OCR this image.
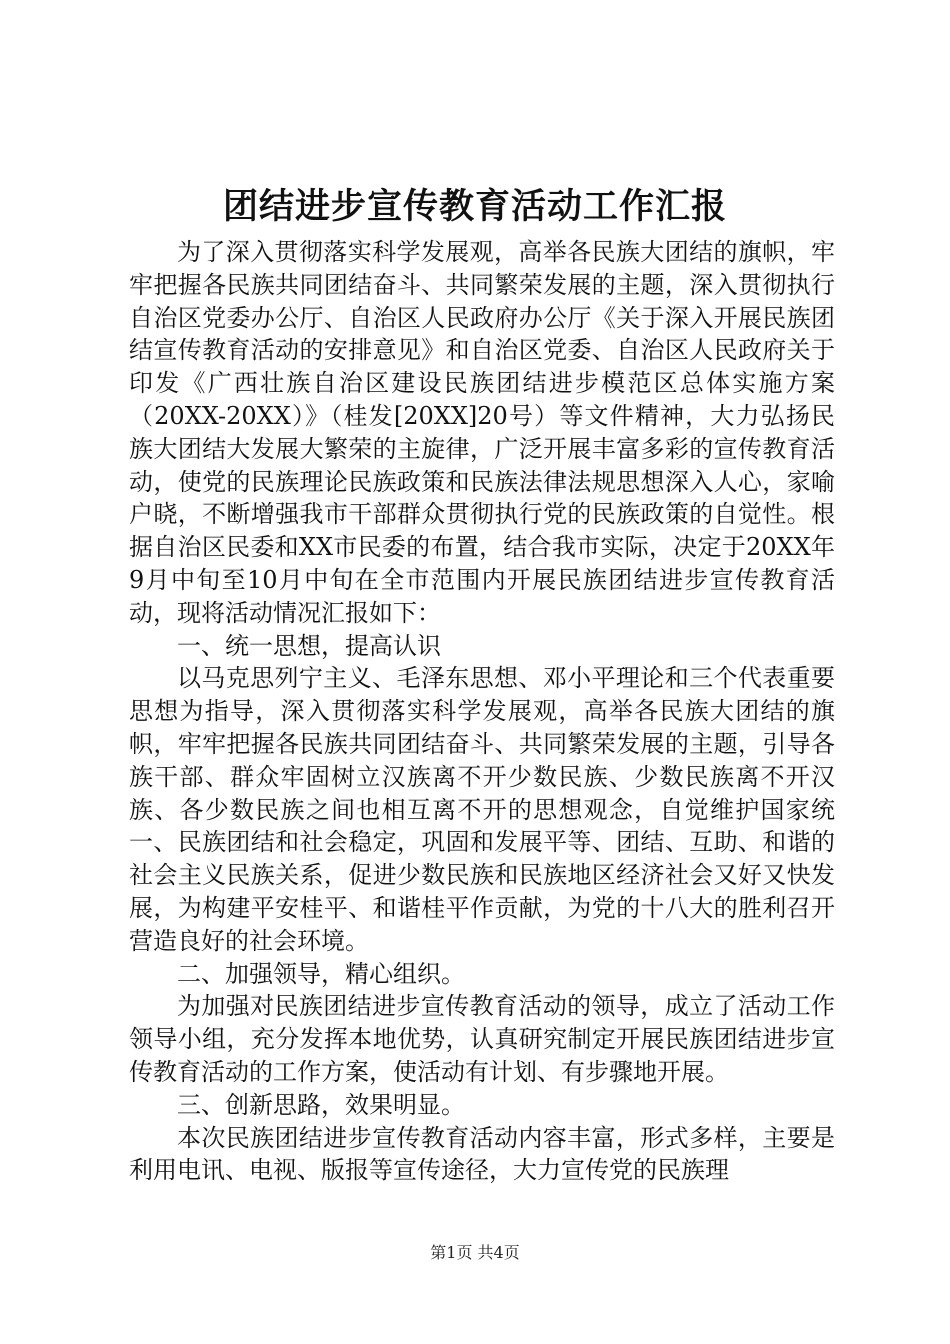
团结进步宣传教育活动工作汇报

为了深入贯彻落实科学发展观，高举各民族大团结的旗帜，牢牢把握各民族共同团结奋斗、共同繁荣发展的主题，深入贯彻执行自治区党委办公厅、自治区人民政府办公厅《关于深入开展民族团结宣传教育活动的安排意见》和自治区党委、自治区人民政府关于印发《广西壮族自治区建设民族团结进步模范区总体实施方案（20XX-20XX）》（桂发[20XX]20号）等文件精神，大力弘扬民族大团结大发展大繁荣的主旋律，广泛开展丰富多彩的宣传教育活动，使党的民族理论民族政策和民族法律法规思想深入人心，家喻户晓，不断增强我市干部群众贯彻执行党的民族政策的自觉性。根据自治区民委和XX市民委的布置，结合我市实际，决定于20XX年9月中旬至10月中旬在全市范围内开展民族团结进步宣传教育活动，现将活动情况汇报如下：

一、统一思想，提高认识

以马克思列宁主义、毛泽东思想、邓小平理论和三个代表重要思想为指导，深入贯彻落实科学发展观，高举各民族大团结的旗帜，牢牢把握各民族共同团结奋斗、共同繁荣发展的主题，引导各族干部、群众牢固树立汉族离不开少数民族、少数民族离不开汉族、各少数民族之间也相互离不开的思想观念，自觉维护国家统一、民族团结和社会稳定，巩固和发展平等、团结、互助、和谐的社会主义民族关系，促进少数民族和民族地区经济社会又好又快发展，为构建平安桂平、和谐桂平作贡献，为党的十八大的胜利召开营造良好的社会环境。

二、加强领导，精心组织。

为加强对民族团结进步宣传教育活动的领导，成立了活动工作领导小组，充分发挥本地优势，认真研究制定开展民族团结进步宣传教育活动的工作方案，使活动有计划、有步骤地开展。

三、创新思路，效果明显。

本次民族团结进步宣传教育活动内容丰富，形式多样，主要是利用电讯、电视、版报等宣传途径，大力宣传党的民族理

第1页 共4页
